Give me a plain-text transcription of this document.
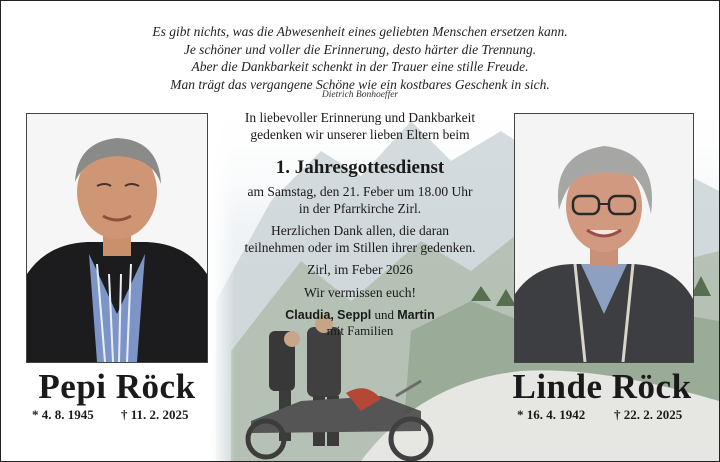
Es gibt nichts, was die Abwesenheit eines geliebten Menschen ersetzen kann.
Je schöner und voller die Erinnerung, desto härter die Trennung.
Aber die Dankbarkeit schenkt in der Trauer eine stille Freude.
Man trägt das vergangene Schöne wie ein kostbares Geschenk in sich.
Dietrich Bonhoeffer
In liebevoller Erinnerung und Dankbarkeit
gedenken wir unserer lieben Eltern beim
1. Jahresgottesdienst
am Samstag, den 21. Feber um 18.00 Uhr
in der Pfarrkirche Zirl.
Herzlichen Dank allen, die daran
teilnehmen oder im Stillen ihrer gedenken.
Zirl, im Feber 2026
Wir vermissen euch!
Claudia, Seppl und Martin
mit Familien
Pepi Röck	Linde Röck
* 4. 8. 1945 † 11. 2. 2025	* 16. 4. 1942 † 22. 2. 2025
